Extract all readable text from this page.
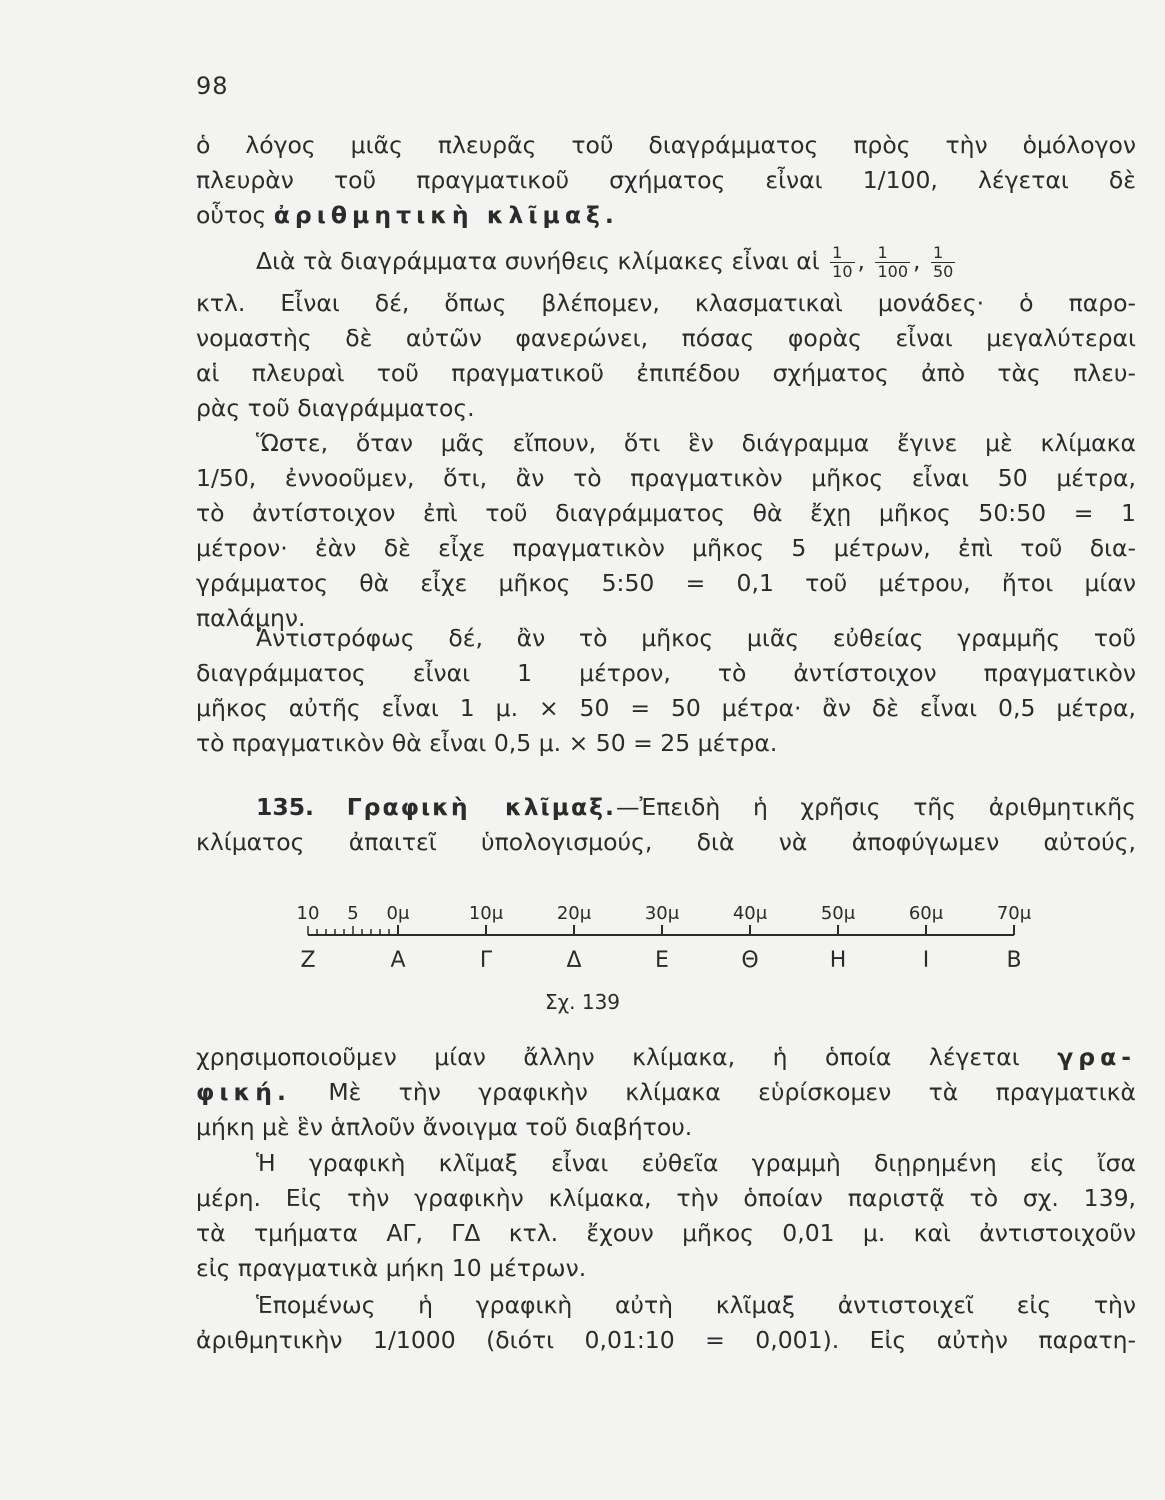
98
ὁ λόγος μιᾶς πλευρᾶς τοῦ διαγράμματος πρὸς τὴν ὁμόλογον
πλευρὰν τοῦ πραγματικοῦ σχήματος εἶναι 1/100, λέγεται δὲ
οὗτος ἀριθμητικὴ κλῖμαξ.
Διὰ τὰ διαγράμματα συνήθεις κλίμακες εἶναι αἱ $\frac{1}{10}$ , $\frac{1}{100}$ , $\frac{1}{50}$
κτλ. Εἶναι δέ, ὅπως βλέπομεν, κλασματικαὶ μονάδες· ὁ παρο-
νομαστὴς δὲ αὐτῶν φανερώνει, πόσας φορὰς εἶναι μεγαλύτεραι
αἱ πλευραὶ τοῦ πραγματικοῦ ἐπιπέδου σχήματος ἀπὸ τὰς πλευ-
ρὰς τοῦ διαγράμματος.
Ὥστε, ὅταν μᾶς εἴπουν, ὅτι ἓν διάγραμμα ἔγινε μὲ κλίμακα
1/50, ἐννοοῦμεν, ὅτι, ἂν τὸ πραγματικὸν μῆκος εἶναι 50 μέτρα,
τὸ ἀντίστοιχον ἐπὶ τοῦ διαγράμματος θὰ ἔχῃ μῆκος 50:50 = 1
μέτρον· ἐὰν δὲ εἶχε πραγματικὸν μῆκος 5 μέτρων, ἐπὶ τοῦ δια-
γράμματος θὰ εἶχε μῆκος 5:50 = 0,1 τοῦ μέτρου, ἤτοι μίαν
παλάμην.
Ἀντιστρόφως δέ, ἂν τὸ μῆκος μιᾶς εὐθείας γραμμῆς τοῦ
διαγράμματος εἶναι 1 μέτρον, τὸ ἀντίστοιχον πραγματικὸν
μῆκος αὐτῆς εἶναι 1 μ. × 50 = 50 μέτρα· ἂν δὲ εἶναι 0,5 μέτρα,
τὸ πραγματικὸν θὰ εἶναι 0,5 μ. × 50 = 25 μέτρα.
135. Γραφικὴ κλῖμαξ.—Ἐπειδὴ ἡ χρῆσις τῆς ἀριθμητικῆς
κλίματος ἀπαιτεῖ ὑπολογισμούς, διὰ νὰ ἀποφύγωμεν αὐτούς,
10 5 0μ	10μ	20μ	30μ	40μ	50μ	60μ	70μ
Ζ	Α	Γ	Δ	Ε	Θ	Η	Ι	Β
Σχ. 139
χρησιμοποιοῦμεν μίαν ἄλλην κλίμακα, ἡ ὁποία λέγεται γρα-
φική. Μὲ τὴν γραφικὴν κλίμακα εὑρίσκομεν τὰ πραγματικὰ
μήκη μὲ ἓν ἁπλοῦν ἄνοιγμα τοῦ διαβήτου.
Ἡ γραφικὴ κλῖμαξ εἶναι εὐθεῖα γραμμὴ διῃρημένη εἰς ἴσα
μέρη. Εἰς τὴν γραφικὴν κλίμακα, τὴν ὁποίαν παριστᾷ τὸ σχ. 139,
τὰ τμήματα ΑΓ, ΓΔ κτλ. ἔχουν μῆκος 0,01 μ. καὶ ἀντιστοιχοῦν
εἰς πραγματικὰ μήκη 10 μέτρων.
Ἑπομένως ἡ γραφικὴ αὐτὴ κλῖμαξ ἀντιστοιχεῖ εἰς τὴν
ἀριθμητικὴν 1/1000 (διότι 0,01:10 = 0,001). Εἰς αὐτὴν παρατη-
